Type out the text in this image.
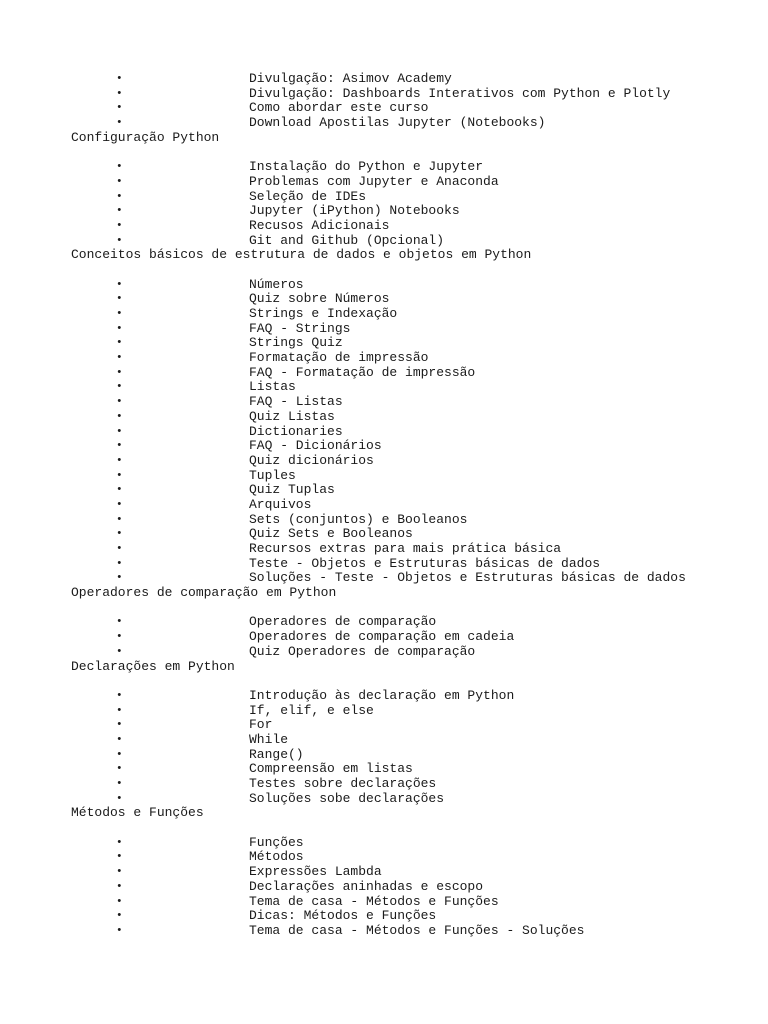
•	Divulgação: Asimov Academy
•	Divulgação: Dashboards Interativos com Python e Plotly
•	Como abordar este curso
•	Download Apostilas Jupyter (Notebooks)
Configuração Python
•	Instalação do Python e Jupyter
•	Problemas com Jupyter e Anaconda
•	Seleção de IDEs
•	Jupyter (iPython) Notebooks
•	Recusos Adicionais
•	Git and Github (Opcional)
Conceitos básicos de estrutura de dados e objetos em Python
•	Números
•	Quiz sobre Números
•	Strings e Indexação
•	FAQ - Strings
•	Strings Quiz
•	Formatação de impressão
•	FAQ - Formatação de impressão
•	Listas
•	FAQ - Listas
•	Quiz Listas
•	Dictionaries
•	FAQ - Dicionários
•	Quiz dicionários
•	Tuples
•	Quiz Tuplas
•	Arquivos
•	Sets (conjuntos) e Booleanos
•	Quiz Sets e Booleanos
•	Recursos extras para mais prática básica
•	Teste - Objetos e Estruturas básicas de dados
•	Soluções - Teste - Objetos e Estruturas básicas de dados
Operadores de comparação em Python
•	Operadores de comparação
•	Operadores de comparação em cadeia
•	Quiz Operadores de comparação
Declarações em Python
•	Introdução às declaração em Python
•	If, elif, e else
•	For
•	While
•	Range()
•	Compreensão em listas
•	Testes sobre declarações
•	Soluções sobe declarações
Métodos e Funções
•	Funções
•	Métodos
•	Expressões Lambda
•	Declarações aninhadas e escopo
•	Tema de casa - Métodos e Funções
•	Dicas: Métodos e Funções
•	Tema de casa - Métodos e Funções - Soluções
